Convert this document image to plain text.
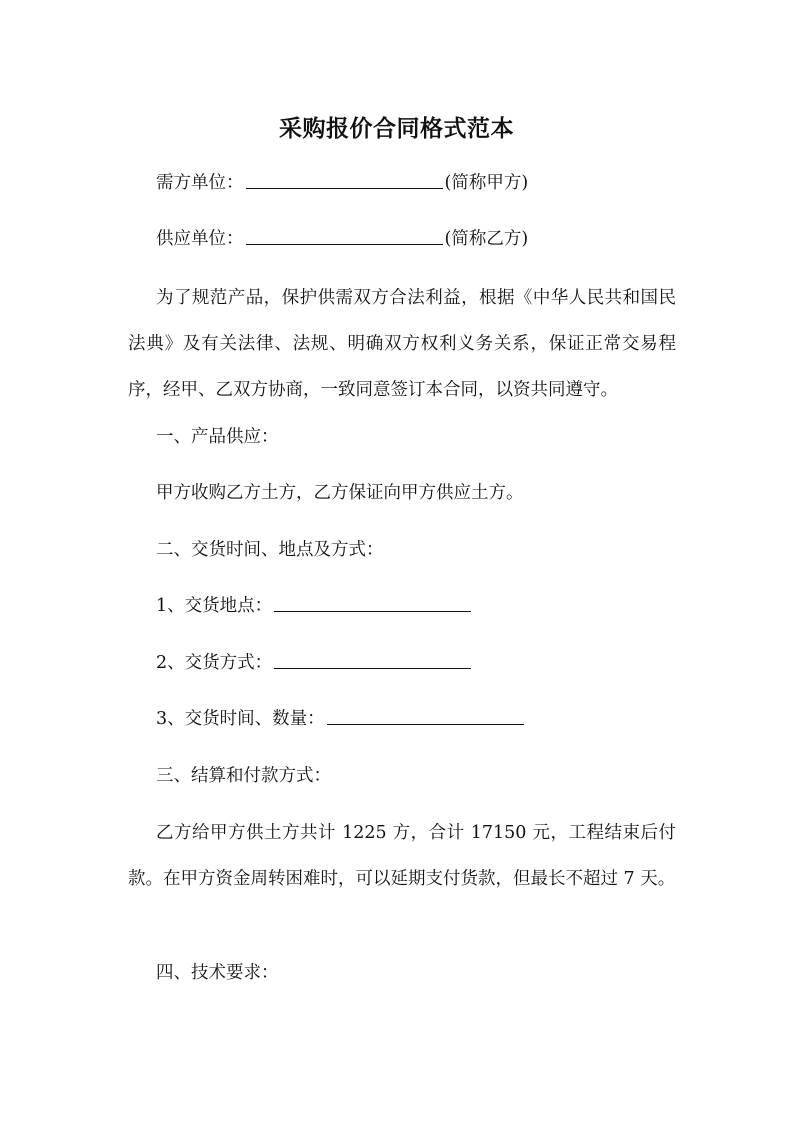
采购报价合同格式范本
需方单位：	(简称甲方)
供应单位：	(简称乙方)
为了规范产品，保护供需双方合法利益，根据《中华人民共和国民法典》及有关法律、法规、明确双方权利义务关系，保证正常交易程序，经甲、乙双方协商，一致同意签订本合同，以资共同遵守。
一、产品供应：
甲方收购乙方土方，乙方保证向甲方供应土方。
二、交货时间、地点及方式：
1、交货地点：
2、交货方式：
3、交货时间、数量：
三、结算和付款方式：
乙方给甲方供土方共计 1225 方，合计 17150 元，工程结束后付款。在甲方资金周转困难时，可以延期支付货款，但最长不超过 7 天。
四、技术要求：
